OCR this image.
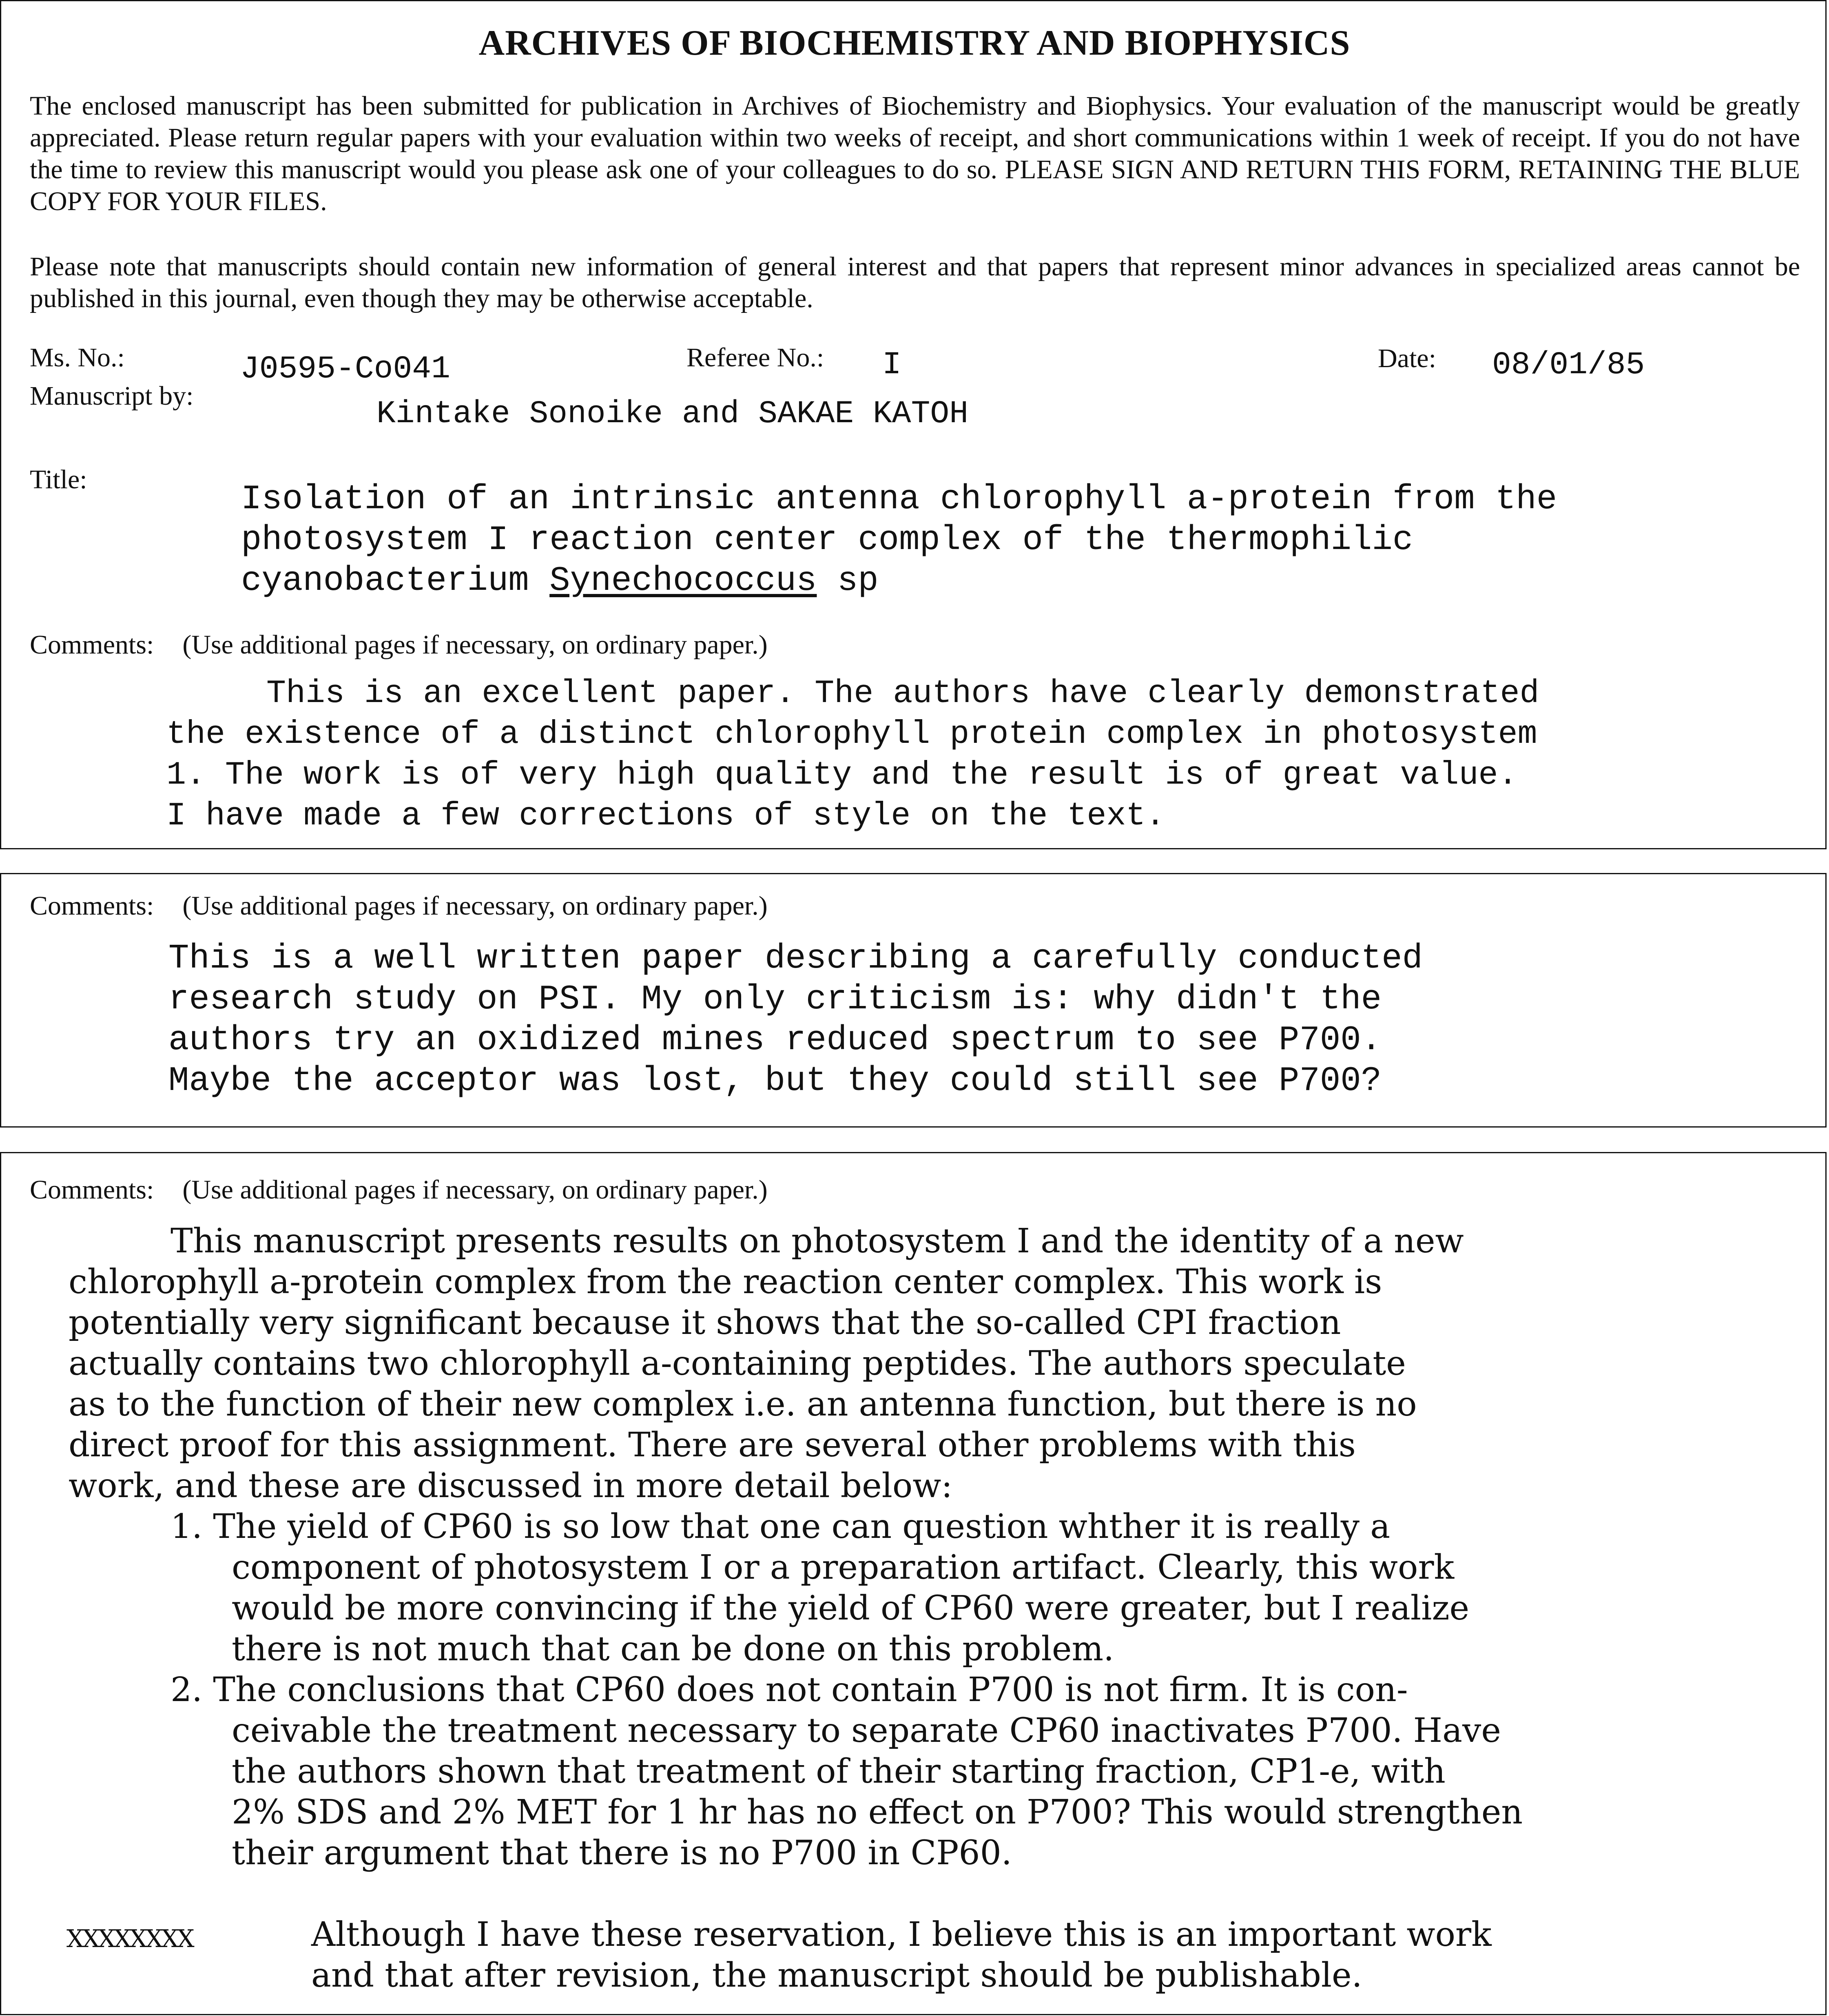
ARCHIVES OF BIOCHEMISTRY AND BIOPHYSICS
The enclosed manuscript has been submitted for publication in Archives of Biochemistry and Biophysics. Your evaluation of the manuscript would be greatly appreciated. Please return regular papers with your evaluation within two weeks of receipt, and short communications within 1 week of receipt. If you do not have the time to review this manuscript would you please ask one of your colleagues to do so. PLEASE SIGN AND RETURN THIS FORM, RETAINING THE BLUE COPY FOR YOUR FILES.
Please note that manuscripts should contain new information of general interest and that papers that represent minor advances in specialized areas cannot be published in this journal, even though they may be otherwise acceptable.
Ms. No.:	J0595-Co041	Referee No.: I	Date: 08/01/85
Manuscript by:
Kintake Sonoike and SAKAE KATOH
Title:
Isolation of an intrinsic antenna chlorophyll a-protein from the
photosystem I reaction center complex of the thermophilic
cyanobacterium Synechococcus sp
Comments: (Use additional pages if necessary, on ordinary paper.)
This is an excellent paper. The authors have clearly demonstrated
the existence of a distinct chlorophyll protein complex in photosystem
1. The work is of very high quality and the result is of great value.
I have made a few corrections of style on the text.
Comments: (Use additional pages if necessary, on ordinary paper.)
This is a well written paper describing a carefully conducted
research study on PSI. My only criticism is: why didn't the
authors try an oxidized mines reduced spectrum to see P700.
Maybe the acceptor was lost, but they could still see P700?
Comments: (Use additional pages if necessary, on ordinary paper.)
This manuscript presents results on photosystem I and the identity of a new
chlorophyll a-protein complex from the reaction center complex. This work is
potentially very significant because it shows that the so-called CPI fraction
actually contains two chlorophyll a-containing peptides. The authors speculate
as to the function of their new complex i.e. an antenna function, but there is no
direct proof for this assignment. There are several other problems with this
work, and these are discussed in more detail below:
1. The yield of CP60 is so low that one can question whther it is really a
component of photosystem I or a preparation artifact. Clearly, this work
would be more convincing if the yield of CP60 were greater, but I realize
there is not much that can be done on this problem.
2. The conclusions that CP60 does not contain P700 is not firm. It is con-
ceivable the treatment necessary to separate CP60 inactivates P700. Have
the authors shown that treatment of their starting fraction, CP1-e, with
2% SDS and 2% MET for 1 hr has no effect on P700? This would strengthen
their argument that there is no P700 in CP60.
XXXXXXXX	Although I have these reservation, I believe this is an important work
and that after revision, the manuscript should be publishable.
